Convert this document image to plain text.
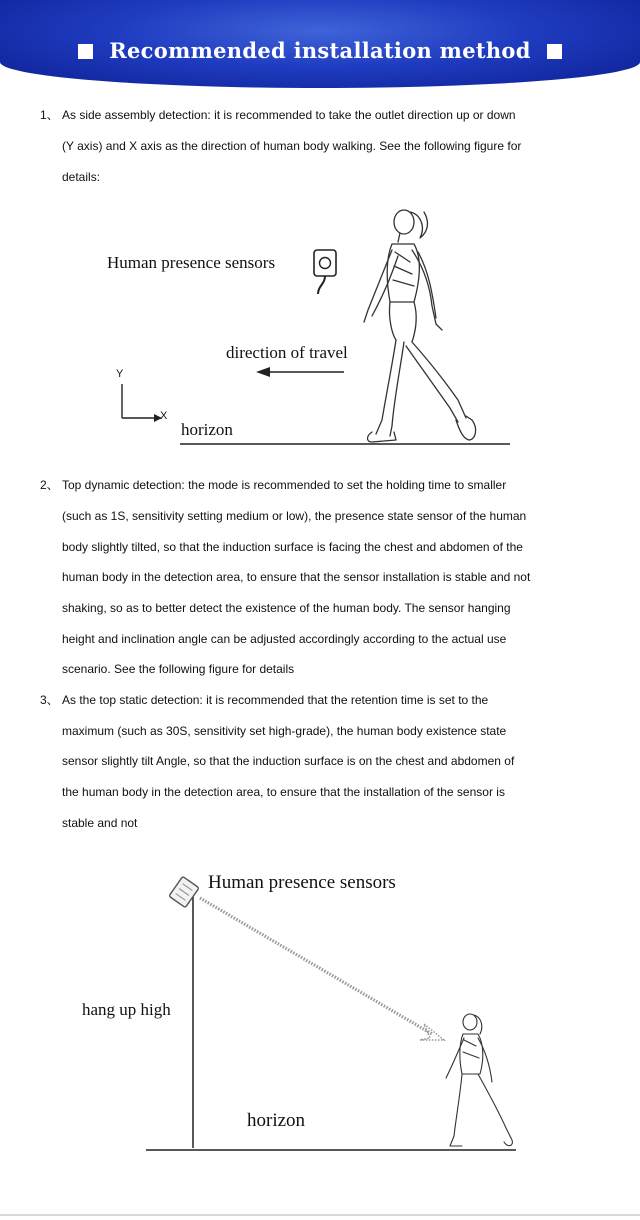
Recommended installation method
1、 As side assembly detection: it is recommended to take the outlet direction up or down
(Y axis) and X axis as the direction of human body walking. See the following figure for
details:
Human presence sensors
direction of travel
Y
X
horizon
2、 Top dynamic detection: the mode is recommended to set the holding time to smaller
(such as 1S, sensitivity setting medium or low), the presence state sensor of the human
body slightly tilted, so that the induction surface is facing the chest and abdomen of the
human body in the detection area, to ensure that the sensor installation is stable and not
shaking, so as to better detect the existence of the human body. The sensor hanging
height and inclination angle can be adjusted accordingly according to the actual use
scenario. See the following figure for details
3、 As the top static detection: it is recommended that the retention time is set to the
maximum (such as 30S, sensitivity set high-grade), the human body existence state
sensor slightly tilt Angle, so that the induction surface is on the chest and abdomen of
the human body in the detection area, to ensure that the installation of the sensor is
stable and not
Human presence sensors
hang up high
horizon
